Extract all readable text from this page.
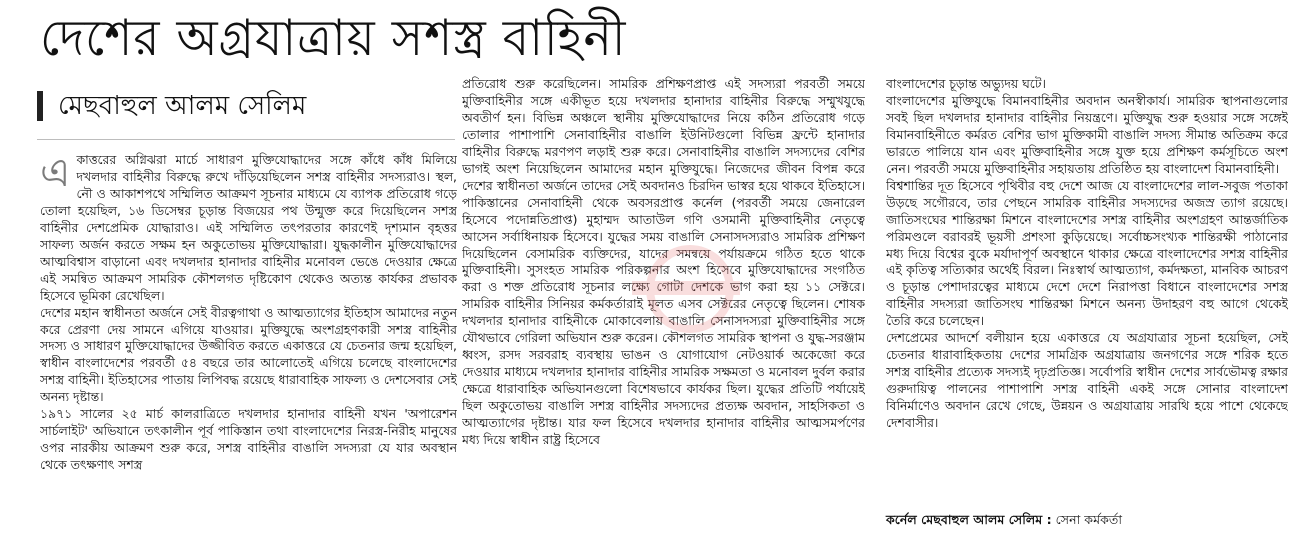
দেশের অগ্রযাত্রায় সশস্ত্র বাহিনী
মেছবাহুল আলম সেলিম

একাত্তরের অগ্নিঝরা মার্চে সাধারণ মুক্তিযোদ্ধাদের সঙ্গে কাঁধে কাঁধ মিলিয়ে দখলদার বাহিনীর বিরুদ্ধে রুখে দাঁড়িয়েছিলেন সশস্ত্র বাহিনীর সদস্যরাও। স্থল, নৌ ও আকাশপথে সম্মিলিত আক্রমণ সূচনার মাধ্যমে যে ব্যাপক প্রতিরোধ গড়ে তোলা হয়েছিল, ১৬ ডিসেম্বর চূড়ান্ত বিজয়ের পথ উন্মুক্ত করে দিয়েছিলেন সশস্ত্র বাহিনীর দেশপ্রেমিক যোদ্ধারাও। এই সম্মিলিত তৎপরতার কারণেই দৃশ্যমান বৃহত্তর সাফল্য অর্জন করতে সক্ষম হন অকুতোভয় মুক্তিযোদ্ধারা। যুদ্ধকালীন মুক্তিযোদ্ধাদের আত্মবিশ্বাস বাড়ানো এবং দখলদার হানাদার বাহিনীর মনোবল ভেঙে দেওয়ার ক্ষেত্রে এই সমন্বিত আক্রমণ সামরিক কৌশলগত দৃষ্টিকোণ থেকেও অত্যন্ত কার্যকর প্রভাবক হিসেবে ভূমিকা রেখেছিল।

দেশের মহান স্বাধীনতা অর্জনে সেই বীরত্বগাথা ও আত্মত্যাগের ইতিহাস আমাদের নতুন করে প্রেরণা দেয় সামনে এগিয়ে যাওয়ার। মুক্তিযুদ্ধে অংশগ্রহণকারী সশস্ত্র বাহিনীর সদস্য ও সাধারণ মুক্তিযোদ্ধাদের উজ্জীবিত করতে একাত্তরে যে চেতনার জন্ম হয়েছিল, স্বাধীন বাংলাদেশের পরবর্তী ৫৪ বছরে তার আলোতেই এগিয়ে চলেছে বাংলাদেশের সশস্ত্র বাহিনী। ইতিহাসের পাতায় লিপিবদ্ধ রয়েছে ধারাবাহিক সাফল্য ও দেশসেবার সেই অনন্য দৃষ্টান্ত।

১৯৭১ সালের ২৫ মার্চ কালরাত্রিতে দখলদার হানাদার বাহিনী যখন 'অপারেশন সার্চলাইট' অভিযানে তৎকালীন পূর্ব পাকিস্তান তথা বাংলাদেশের নিরস্ত্র-নিরীহ মানুষের ওপর নারকীয় আক্রমণ শুরু করে, সশস্ত্র বাহিনীর বাঙালি সদস্যরা যে যার অবস্থান থেকে তৎক্ষণাৎ সশস্ত্র

প্রতিরোধ শুরু করেছিলেন। সামরিক প্রশিক্ষণপ্রাপ্ত এই সদস্যরা পরবর্তী সময়ে মুক্তিবাহিনীর সঙ্গে একীভূত হয়ে দখলদার হানাদার বাহিনীর বিরুদ্ধে সম্মুখযুদ্ধে অবতীর্ণ হন। বিভিন্ন অঞ্চলে স্থানীয় মুক্তিযোদ্ধাদের নিয়ে কঠিন প্রতিরোধ গড়ে তোলার পাশাপাশি সেনাবাহিনীর বাঙালি ইউনিটগুলো বিভিন্ন ফ্রন্টে হানাদার বাহিনীর বিরুদ্ধে মরণপণ লড়াই শুরু করে। সেনাবাহিনীর বাঙালি সদস্যদের বেশির ভাগই অংশ নিয়েছিলেন আমাদের মহান মুক্তিযুদ্ধে। নিজেদের জীবন বিপন্ন করে দেশের স্বাধীনতা অর্জনে তাদের সেই অবদানও চিরদিন ভাস্বর হয়ে থাকবে ইতিহাসে। পাকিস্তানের সেনাবাহিনী থেকে অবসরপ্রাপ্ত কর্নেল (পরবর্তী সময়ে জেনারেল হিসেবে পদোন্নতিপ্রাপ্ত) মুহাম্মদ আতাউল গণি ওসমানী মুক্তিবাহিনীর নেতৃত্বে আসেন সর্বাধিনায়ক হিসেবে। যুদ্ধের সময় বাঙালি সেনাসদস্যরাও সামরিক প্রশিক্ষণ দিয়েছিলেন বেসামরিক ব্যক্তিদের, যাদের সমন্বয়ে পর্যায়ক্রমে গঠিত হতে থাকে মুক্তিবাহিনী। সুসংহত সামরিক পরিকল্পনার অংশ হিসেবে মুক্তিযোদ্ধাদের সংগঠিত করা ও শক্ত প্রতিরোধ সূচনার লক্ষ্যে গোটা দেশকে ভাগ করা হয় ১১ সেক্টরে। সামরিক বাহিনীর সিনিয়র কর্মকর্তারাই মূলত এসব সেক্টরের নেতৃত্বে ছিলেন। শোষক দখলদার হানাদার বাহিনীকে মোকাবেলায় বাঙালি সেনাসদস্যরা মুক্তিবাহিনীর সঙ্গে যৌথভাবে গেরিলা অভিযান শুরু করেন। কৌশলগত সামরিক স্থাপনা ও যুদ্ধ-সরঞ্জাম ধ্বংস, রসদ সরবরাহ ব্যবস্থায় ভাঙন ও যোগাযোগ নেটওয়ার্ক অকেজো করে দেওয়ার মাধ্যমে দখলদার হানাদার বাহিনীর সামরিক সক্ষমতা ও মনোবল দুর্বল করার ক্ষেত্রে ধারাবাহিক অভিযানগুলো বিশেষভাবে কার্যকর ছিল। যুদ্ধের প্রতিটি পর্যায়েই ছিল অকুতোভয় বাঙালি সশস্ত্র বাহিনীর সদস্যদের প্রত্যক্ষ অবদান, সাহসিকতা ও আত্মত্যাগের দৃষ্টান্ত। যার ফল হিসেবে দখলদার হানাদার বাহিনীর আত্মসমর্পণের মধ্য দিয়ে স্বাধীন রাষ্ট্র হিসেবে

বাংলাদেশের চূড়ান্ত অভ্যুদয় ঘটে।

বাংলাদেশের মুক্তিযুদ্ধে বিমানবাহিনীর অবদান অনস্বীকার্য। সামরিক স্থাপনাগুলোর সবই ছিল দখলদার হানাদার বাহিনীর নিয়ন্ত্রণে। মুক্তিযুদ্ধ শুরু হওয়ার সঙ্গে সঙ্গেই বিমানবাহিনীতে কর্মরত বেশির ভাগ মুক্তিকামী বাঙালি সদস্য সীমান্ত অতিক্রম করে ভারতে পালিয়ে যান এবং মুক্তিবাহিনীর সঙ্গে যুক্ত হয়ে প্রশিক্ষণ কর্মসূচিতে অংশ নেন। পরবর্তী সময়ে মুক্তিবাহিনীর সহায়তায় প্রতিষ্ঠিত হয় বাংলাদেশ বিমানবাহিনী।

বিশ্বশান্তির দূত হিসেবে পৃথিবীর বহু দেশে আজ যে বাংলাদেশের লাল-সবুজ পতাকা উড়ছে সগৌরবে, তার পেছনে সামরিক বাহিনীর সদস্যদের অজস্র ত্যাগ রয়েছে। জাতিসংঘের শান্তিরক্ষা মিশনে বাংলাদেশের সশস্ত্র বাহিনীর অংশগ্রহণ আন্তর্জাতিক পরিমণ্ডলে বরাবরই ভূয়সী প্রশংসা কুড়িয়েছে। সর্বোচ্চসংখ্যক শান্তিরক্ষী পাঠানোর মধ্য দিয়ে বিশ্বের বুকে মর্যাদাপূর্ণ অবস্থানে থাকার ক্ষেত্রে বাংলাদেশের সশস্ত্র বাহিনীর এই কৃতিত্ব সত্যিকার অর্থেই বিরল। নিঃস্বার্থ আত্মত্যাগ, কর্মদক্ষতা, মানবিক আচরণ ও চূড়ান্ত পেশাদারত্বের মাধ্যমে দেশে দেশে নিরাপত্তা বিধানে বাংলাদেশের সশস্ত্র বাহিনীর সদস্যরা জাতিসংঘ শান্তিরক্ষা মিশনে অনন্য উদাহরণ বহু আগে থেকেই তৈরি করে চলেছেন।

দেশপ্রেমের আদর্শে বলীয়ান হয়ে একাত্তরে যে অগ্রযাত্রার সূচনা হয়েছিল, সেই চেতনার ধারাবাহিকতায় দেশের সামগ্রিক অগ্রযাত্রায় জনগণের সঙ্গে শরিক হতে সশস্ত্র বাহিনীর প্রত্যেক সদস্যই দৃঢ়প্রতিজ্ঞ। সর্বোপরি স্বাধীন দেশের সার্বভৌমত্ব রক্ষার গুরুদায়িত্ব পালনের পাশাপাশি সশস্ত্র বাহিনী একই সঙ্গে সোনার বাংলাদেশ বিনির্মাণেও অবদান রেখে গেছে, উন্নয়ন ও অগ্রযাত্রায় সারথি হয়ে পাশে থেকেছে দেশবাসীর।

কর্নেল মেছবাহুল আলম সেলিম : সেনা কর্মকর্তা
